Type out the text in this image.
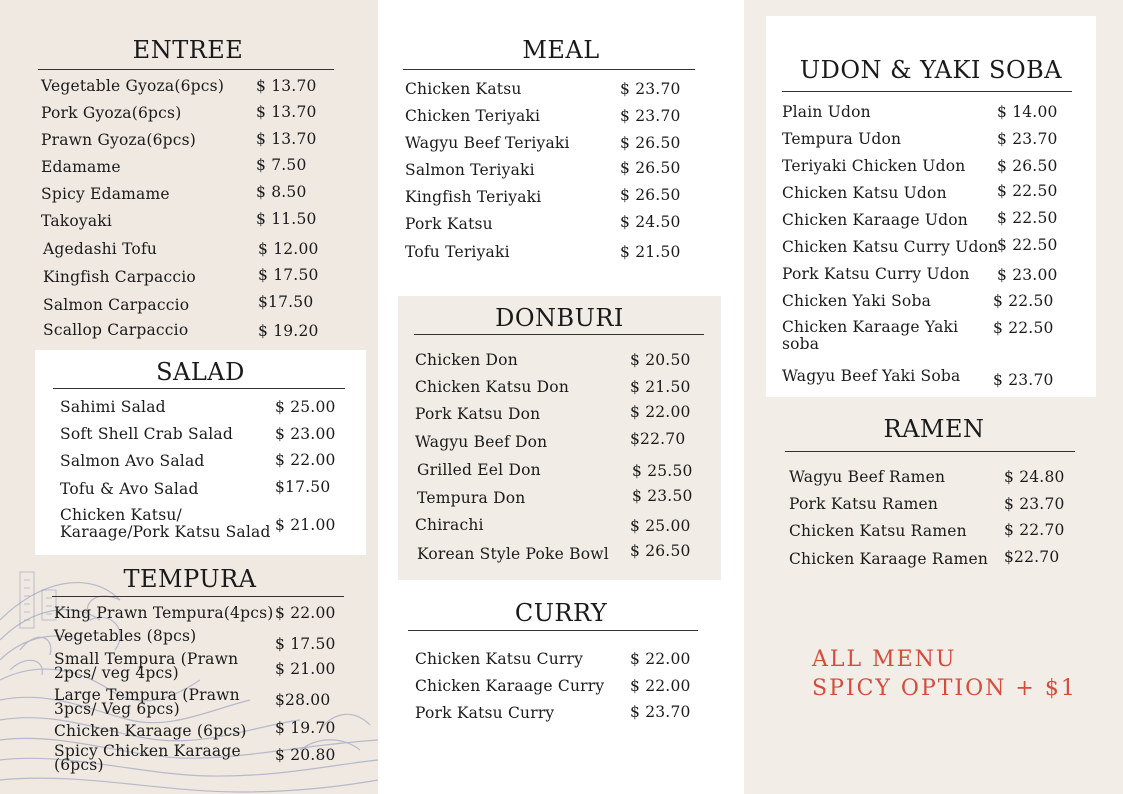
ENTREE
Vegetable Gyoza(6pcs) $ 13.70
Pork Gyoza(6pcs)	$ 13.70
Prawn Gyoza(6pcs)	$ 13.70
Edamame	$ 7.50
Spicy Edamame	$ 8.50
Takoyaki	$ 11.50
Agedashi Tofu	$ 12.00
Kingfish Carpaccio	$ 17.50
Salmon Carpaccio	$17.50
Scallop Carpaccio	$ 19.20
SALAD
Sahimi Salad	$ 25.00
Soft Shell Crab Salad	$ 23.00
Salmon Avo Salad	$ 22.00
Tofu & Avo Salad	$17.50
Chicken Katsu/
Karaage/Pork Katsu Salad $ 21.00
TEMPURA
King Prawn Tempura(4pcs) $ 22.00
Vegetables (8pcs)	$ 17.50
Small Tempura (Prawn
2pcs/ veg 4pcs)	$ 21.00
Large Tempura (Prawn
3pcs/ Veg 6pcs)	$28.00
Chicken Karaage (6pcs) $ 19.70
Spicy Chicken Karaage
(6pcs)
$ 20.80
MEAL
Chicken Katsu	$ 23.70
Chicken Teriyaki	$ 23.70
Wagyu Beef Teriyaki	$ 26.50
Salmon Teriyaki	$ 26.50
Kingfish Teriyaki	$ 26.50
Pork Katsu	$ 24.50
Tofu Teriyaki	$ 21.50
DONBURI
Chicken Don	$ 20.50
Chicken Katsu Don	$ 21.50
Pork Katsu Don	$ 22.00
Wagyu Beef Don	$22.70
Grilled Eel Don	$ 25.50
Tempura Don	$ 23.50
Chirachi	$ 25.00
Korean Style Poke Bowl $ 26.50
CURRY
Chicken Katsu Curry	$ 22.00
Chicken Karaage Curry $ 22.00
Pork Katsu Curry	$ 23.70
UDON & YAKI SOBA
Plain Udon	$ 14.00
Tempura Udon	$ 23.70
Teriyaki Chicken Udon $ 26.50
Chicken Katsu Udon	$ 22.50
Chicken Karaage Udon $ 22.50
Chicken Katsu Curry Udon
$ 22.50
Pork Katsu Curry Udon $ 23.00
Chicken Yaki Soba	$ 22.50
Chicken Karaage Yaki
soba
$ 22.50
Wagyu Beef Yaki Soba $ 23.70
RAMEN
Wagyu Beef Ramen	$ 24.80
Pork Katsu Ramen	$ 23.70
Chicken Katsu Ramen $ 22.70
Chicken Karaage Ramen $22.70
ALL MENU
SPICY OPTION + $1
